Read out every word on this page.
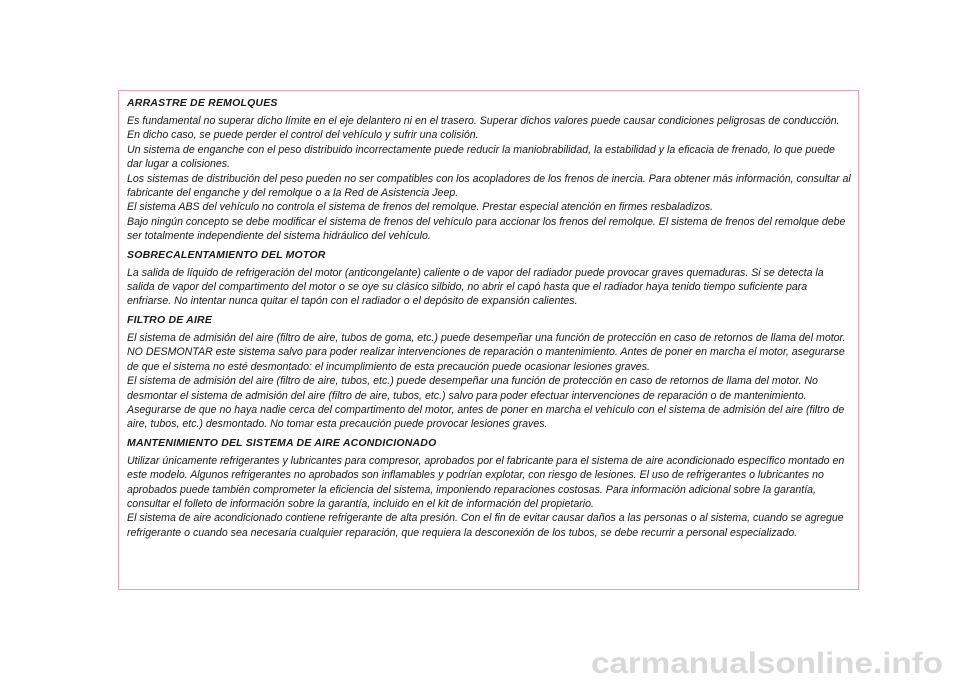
ARRASTRE DE REMOLQUES

Es fundamental no superar dicho límite en el eje delantero ni en el trasero. Superar dichos valores puede causar condiciones peligrosas de conducción. En dicho caso, se puede perder el control del vehículo y sufrir una colisión.

Un sistema de enganche con el peso distribuido incorrectamente puede reducir la maniobrabilidad, la estabilidad y la eficacia de frenado, lo que puede dar lugar a colisiones.

Los sistemas de distribución del peso pueden no ser compatibles con los acopladores de los frenos de inercia. Para obtener más información, consultar al fabricante del enganche y del remolque o a la Red de Asistencia Jeep.

El sistema ABS del vehículo no controla el sistema de frenos del remolque. Prestar especial atención en firmes resbaladizos.

Bajo ningún concepto se debe modificar el sistema de frenos del vehículo para accionar los frenos del remolque. El sistema de frenos del remolque debe ser totalmente independiente del sistema hidráulico del vehículo.

SOBRECALENTAMIENTO DEL MOTOR

La salida de líquido de refrigeración del motor (anticongelante) caliente o de vapor del radiador puede provocar graves quemaduras. Si se detecta la salida de vapor del compartimento del motor o se oye su clásico silbido, no abrir el capó hasta que el radiador haya tenido tiempo suficiente para enfriarse. No intentar nunca quitar el tapón con el radiador o el depósito de expansión calientes.

FILTRO DE AIRE

El sistema de admisión del aire (filtro de aire, tubos de goma, etc.) puede desempeñar una función de protección en caso de retornos de llama del motor. NO DESMONTAR este sistema salvo para poder realizar intervenciones de reparación o mantenimiento. Antes de poner en marcha el motor, asegurarse de que el sistema no esté desmontado: el incumplimiento de esta precaución puede ocasionar lesiones graves.

El sistema de admisión del aire (filtro de aire, tubos, etc.) puede desempeñar una función de protección en caso de retornos de llama del motor. No desmontar el sistema de admisión del aire (filtro de aire, tubos, etc.) salvo para poder efectuar intervenciones de reparación o de mantenimiento. Asegurarse de que no haya nadie cerca del compartimento del motor, antes de poner en marcha el vehículo con el sistema de admisión del aire (filtro de aire, tubos, etc.) desmontado. No tomar esta precaución puede provocar lesiones graves.

MANTENIMIENTO DEL SISTEMA DE AIRE ACONDICIONADO

Utilizar únicamente refrigerantes y lubricantes para compresor, aprobados por el fabricante para el sistema de aire acondicionado específico montado en este modelo. Algunos refrigerantes no aprobados son inflamables y podrían explotar, con riesgo de lesiones. El uso de refrigerantes o lubricantes no aprobados puede también comprometer la eficiencia del sistema, imponiendo reparaciones costosas. Para información adicional sobre la garantía,

consultar el folleto de información sobre la garantía, incluido en el kit de información del propietario.

El sistema de aire acondicionado contiene refrigerante de alta presión. Con el fin de evitar causar daños a las personas o al sistema, cuando se agregue refrigerante o cuando sea necesaria cualquier reparación, que requiera la desconexión de los tubos, se debe recurrir a personal especializado.

carmanualsonline.info
